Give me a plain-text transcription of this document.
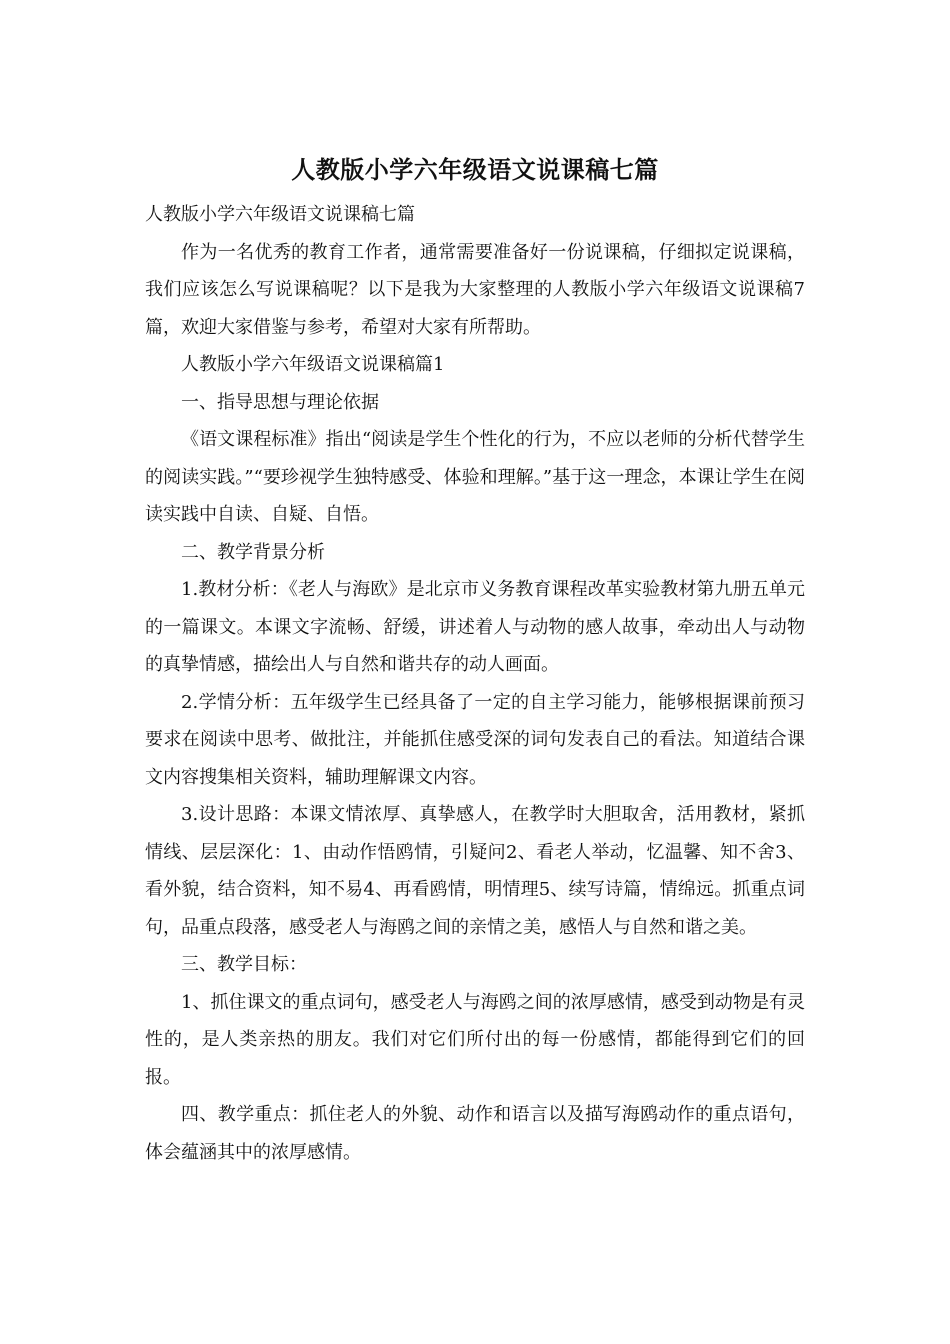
人教版小学六年级语文说课稿七篇

人教版小学六年级语文说课稿七篇

作为一名优秀的教育工作者，通常需要准备好一份说课稿，仔细拟定说课稿，我们应该怎么写说课稿呢？以下是我为大家整理的人教版小学六年级语文说课稿7篇，欢迎大家借鉴与参考，希望对大家有所帮助。

人教版小学六年级语文说课稿篇1

一、指导思想与理论依据

《语文课程标准》指出“阅读是学生个性化的行为，不应以老师的分析代替学生的阅读实践。”“要珍视学生独特感受、体验和理解。”基于这一理念，本课让学生在阅读实践中自读、自疑、自悟。

二、教学背景分析

1.教材分析：《老人与海欧》是北京市义务教育课程改革实验教材第九册五单元的一篇课文。本课文字流畅、舒缓，讲述着人与动物的感人故事，牵动出人与动物的真挚情感，描绘出人与自然和谐共存的动人画面。

2.学情分析：五年级学生已经具备了一定的自主学习能力，能够根据课前预习要求在阅读中思考、做批注，并能抓住感受深的词句发表自己的看法。知道结合课文内容搜集相关资料，辅助理解课文内容。

3.设计思路：本课文情浓厚、真挚感人，在教学时大胆取舍，活用教材，紧抓情线、层层深化：1、由动作悟鸥情，引疑问2、看老人举动，忆温馨、知不舍3、看外貌，结合资料，知不易4、再看鸥情，明情理5、续写诗篇，情绵远。抓重点词句，品重点段落，感受老人与海鸥之间的亲情之美，感悟人与自然和谐之美。

三、教学目标：

1、抓住课文的重点词句，感受老人与海鸥之间的浓厚感情，感受到动物是有灵性的，是人类亲热的朋友。我们对它们所付出的每一份感情，都能得到它们的回报。

四、教学重点：抓住老人的外貌、动作和语言以及描写海鸥动作的重点语句，体会蕴涵其中的浓厚感情。
